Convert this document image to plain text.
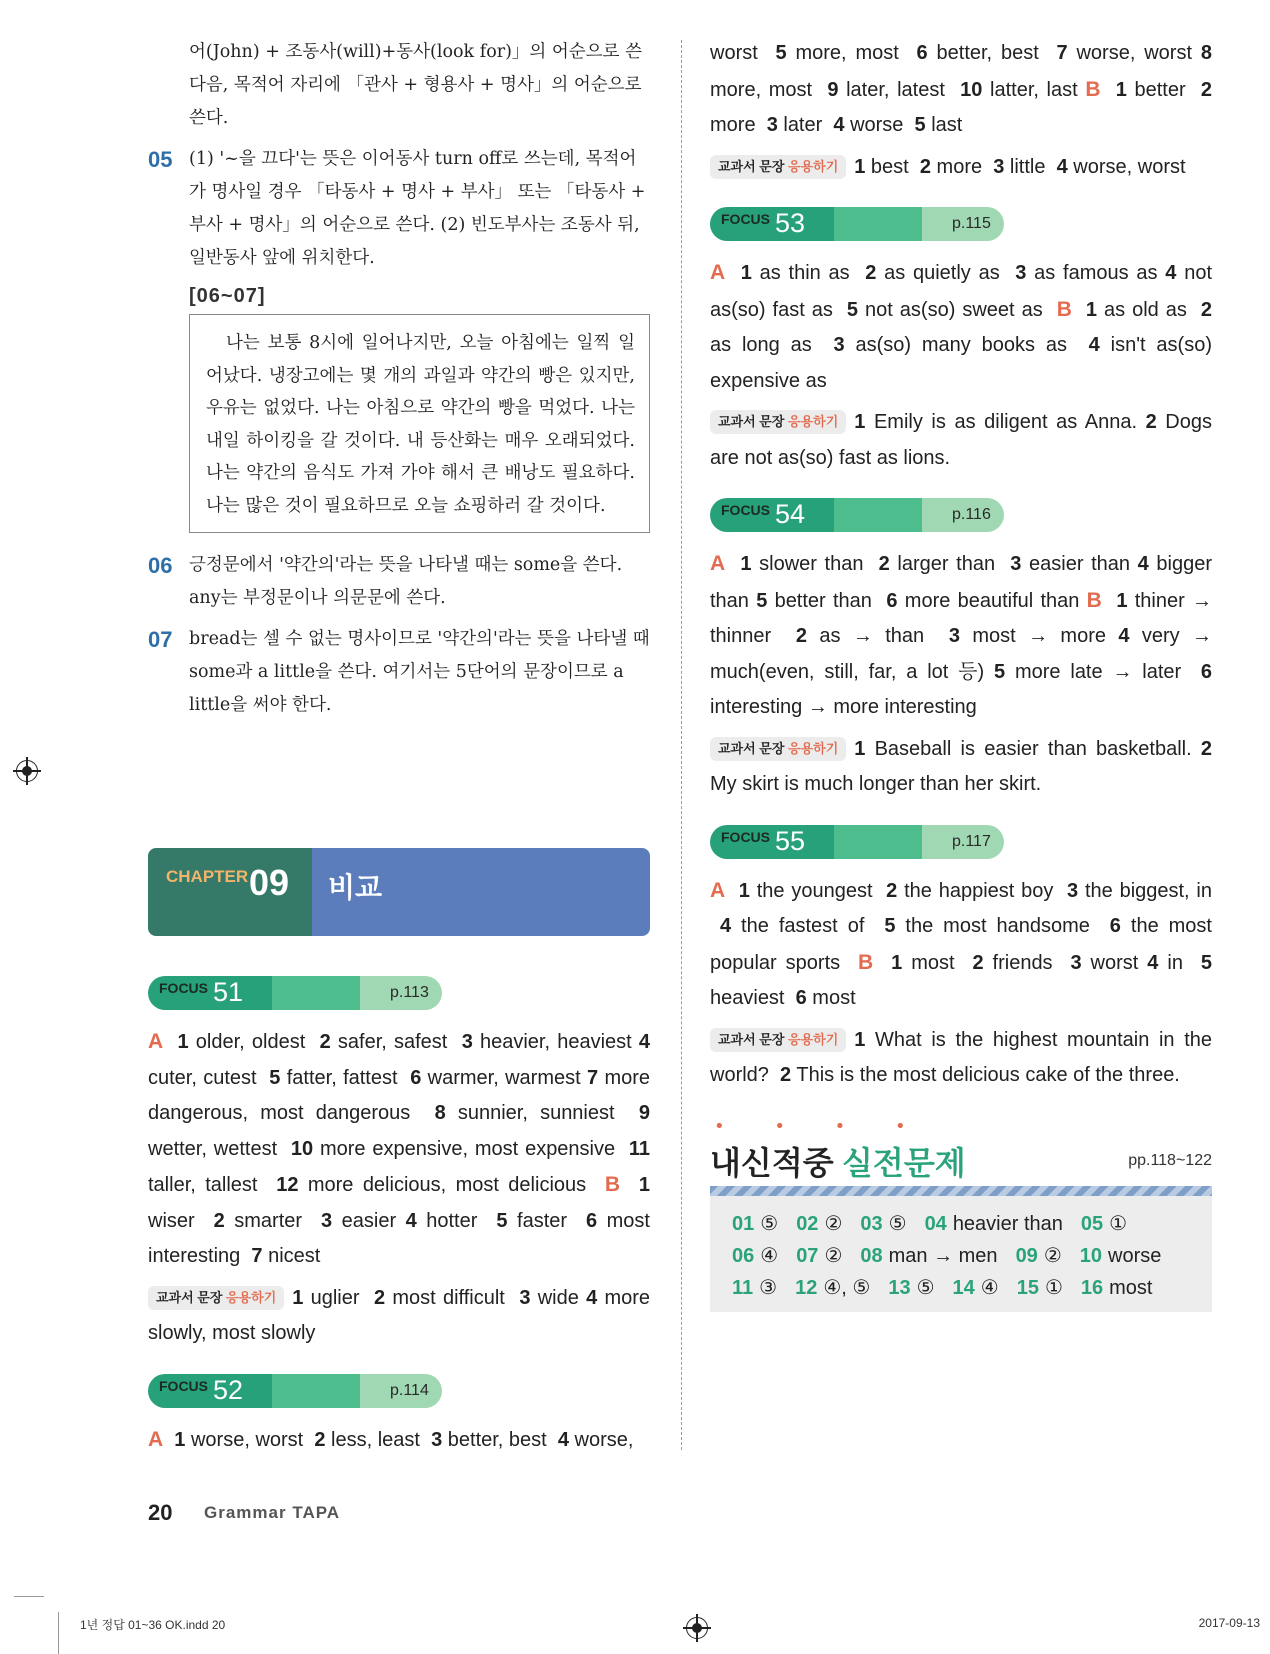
어(John) + 조동사(will)+동사(look for)」의 어순으로 쓴 다음, 목적어 자리에 「관사 + 형용사 + 명사」의 어순으로 쓴다.

05 (1) '~을 끄다'는 뜻은 이어동사 turn off로 쓰는데, 목적어가 명사일 경우 「타동사 + 명사 + 부사」 또는 「타동사 + 부사 + 명사」의 어순으로 쓴다. (2) 빈도부사는 조동사 뒤, 일반동사 앞에 위치한다.

[06~07]

나는 보통 8시에 일어나지만, 오늘 아침에는 일찍 일어났다. 냉장고에는 몇 개의 과일과 약간의 빵은 있지만, 우유는 없었다. 나는 아침으로 약간의 빵을 먹었다. 나는 내일 하이킹을 갈 것이다. 내 등산화는 매우 오래되었다. 나는 약간의 음식도 가져 가야 해서 큰 배낭도 필요하다. 나는 많은 것이 필요하므로 오늘 쇼핑하러 갈 것이다.

06 긍정문에서 '약간의'라는 뜻을 나타낼 때는 some을 쓴다. any는 부정문이나 의문문에 쓴다.

07 bread는 셀 수 없는 명사이므로 '약간의'라는 뜻을 나타낼 때 some과 a little을 쓴다. 여기서는 5단어의 문장이므로 a little을 써야 한다.

CHAPTER 09 비교
FOCUS 51	p.113

A 1 older, oldest  2 safer, safest  3 heavier, heaviest 4 cuter, cutest  5 fatter, fattest  6 warmer, warmest 7 more dangerous, most dangerous  8 sunnier, sunniest  9 wetter, wettest  10 more expensive, most expensive  11 taller, tallest  12 more delicious, most delicious  B 1 wiser  2 smarter  3 easier 4 hotter  5 faster  6 most interesting  7 nicest

교과서 문장 응용하기 1 uglier  2 most difficult  3 wide 4 more slowly, most slowly

FOCUS 52	p.114

A 1 worse, worst  2 less, least  3 better, best  4 worse,

worst  5 more, most  6 better, best  7 worse, worst 8 more, most  9 later, latest  10 latter, last B 1 better  2 more  3 later  4 worse  5 last

교과서 문장 응용하기 1 best  2 more  3 little  4 worse, worst

FOCUS 53	p.115

A 1 as thin as  2 as quietly as  3 as famous as 4 not as(so) fast as  5 not as(so) sweet as  B 1 as old as  2 as long as  3 as(so) many books as  4 isn't as(so) expensive as

교과서 문장 응용하기 1 Emily is as diligent as Anna. 2 Dogs are not as(so) fast as lions.

FOCUS 54	p.116

A 1 slower than  2 larger than  3 easier than 4 bigger than 5 better than  6 more beautiful than B 1 thiner → thinner  2 as → than  3 most → more 4 very → much(even, still, far, a lot 등) 5 more late → later  6 interesting → more interesting

교과서 문장 응용하기 1 Baseball is easier than basketball. 2 My skirt is much longer than her skirt.

FOCUS 55	p.117

A 1 the youngest  2 the happiest boy  3 the biggest, in  4 the fastest of  5 the most handsome  6 the most popular sports  B 1 most  2 friends  3 worst 4 in  5 heaviest  6 most

교과서 문장 응용하기 1 What is the highest mountain in the world?  2 This is the most delicious cake of the three.

• • • •
내신적중 실전문제	pp.118~122
01 ⑤ 02 ② 03 ⑤ 04 heavier than 05 ①
06 ④ 07 ② 08 man → men 09 ② 10 worse
11 ③ 12 ④, ⑤ 13 ⑤ 14 ④ 15 ① 16 most
20 Grammar TAPA
1년 정답 01~36 OK.indd 20	2017-09-13
